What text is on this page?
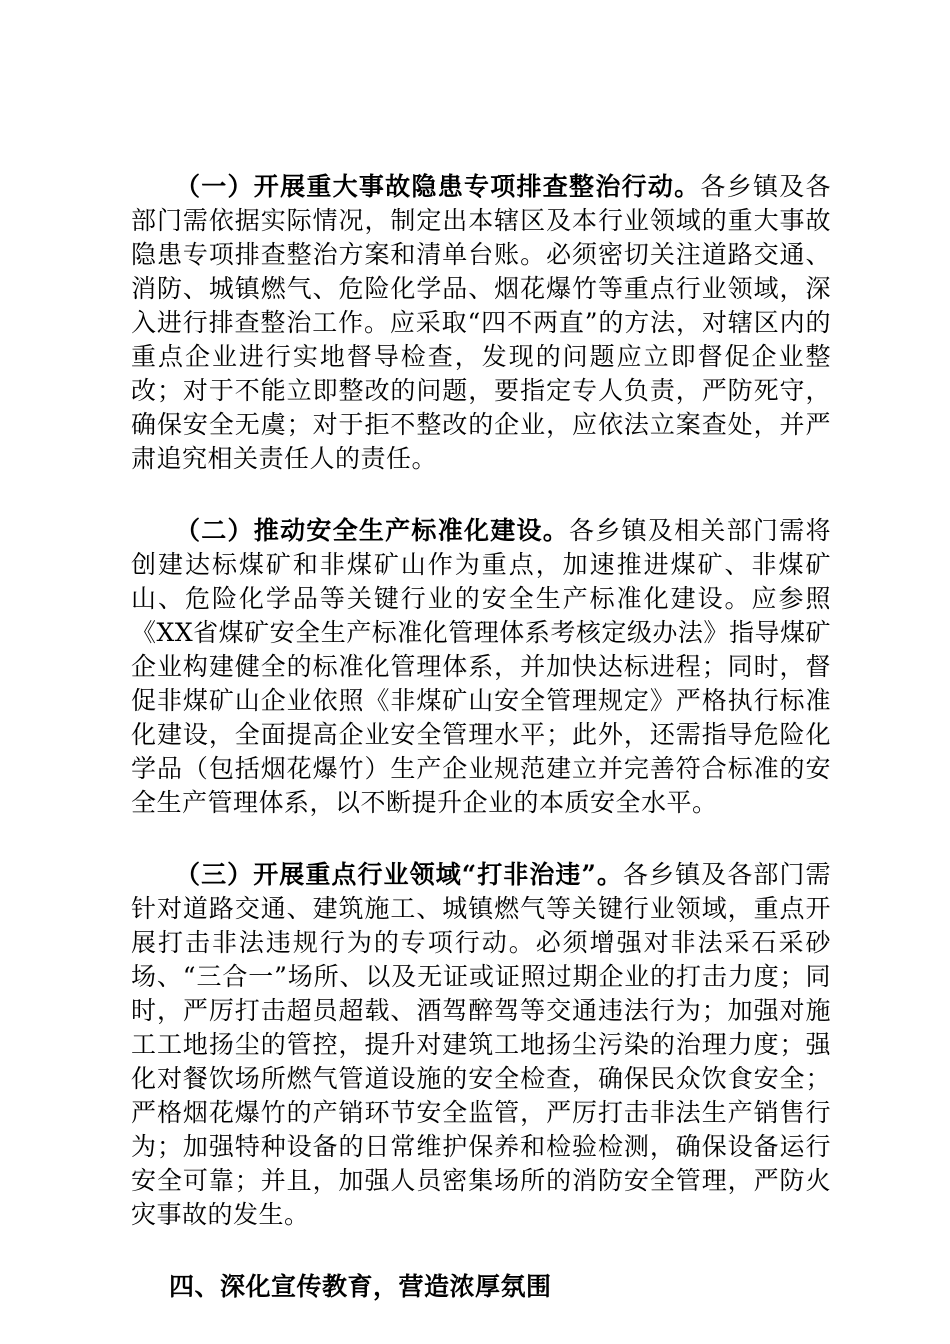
（一）开展重大事故隐患专项排查整治行动。各乡镇及各部门需依据实际情况，制定出本辖区及本行业领域的重大事故隐患专项排查整治方案和清单台账。必须密切关注道路交通、消防、城镇燃气、危险化学品、烟花爆竹等重点行业领域，深入进行排查整治工作。应采取“四不两直”的方法，对辖区内的重点企业进行实地督导检查，发现的问题应立即督促企业整改；对于不能立即整改的问题，要指定专人负责，严防死守，确保安全无虞；对于拒不整改的企业，应依法立案查处，并严肃追究相关责任人的责任。

（二）推动安全生产标准化建设。各乡镇及相关部门需将创建达标煤矿和非煤矿山作为重点，加速推进煤矿、非煤矿山、危险化学品等关键行业的安全生产标准化建设。应参照《XX省煤矿安全生产标准化管理体系考核定级办法》指导煤矿企业构建健全的标准化管理体系，并加快达标进程；同时，督促非煤矿山企业依照《非煤矿山安全管理规定》严格执行标准化建设，全面提高企业安全管理水平；此外，还需指导危险化学品（包括烟花爆竹）生产企业规范建立并完善符合标准的安全生产管理体系，以不断提升企业的本质安全水平。

（三）开展重点行业领域“打非治违”。各乡镇及各部门需针对道路交通、建筑施工、城镇燃气等关键行业领域，重点开展打击非法违规行为的专项行动。必须增强对非法采石采砂场、“三合一”场所、以及无证或证照过期企业的打击力度；同时，严厉打击超员超载、酒驾醉驾等交通违法行为；加强对施工工地扬尘的管控，提升对建筑工地扬尘污染的治理力度；强化对餐饮场所燃气管道设施的安全检查，确保民众饮食安全；严格烟花爆竹的产销环节安全监管，严厉打击非法生产销售行为；加强特种设备的日常维护保养和检验检测，确保设备运行安全可靠；并且，加强人员密集场所的消防安全管理，严防火灾事故的发生。

四、深化宣传教育，营造浓厚氛围
